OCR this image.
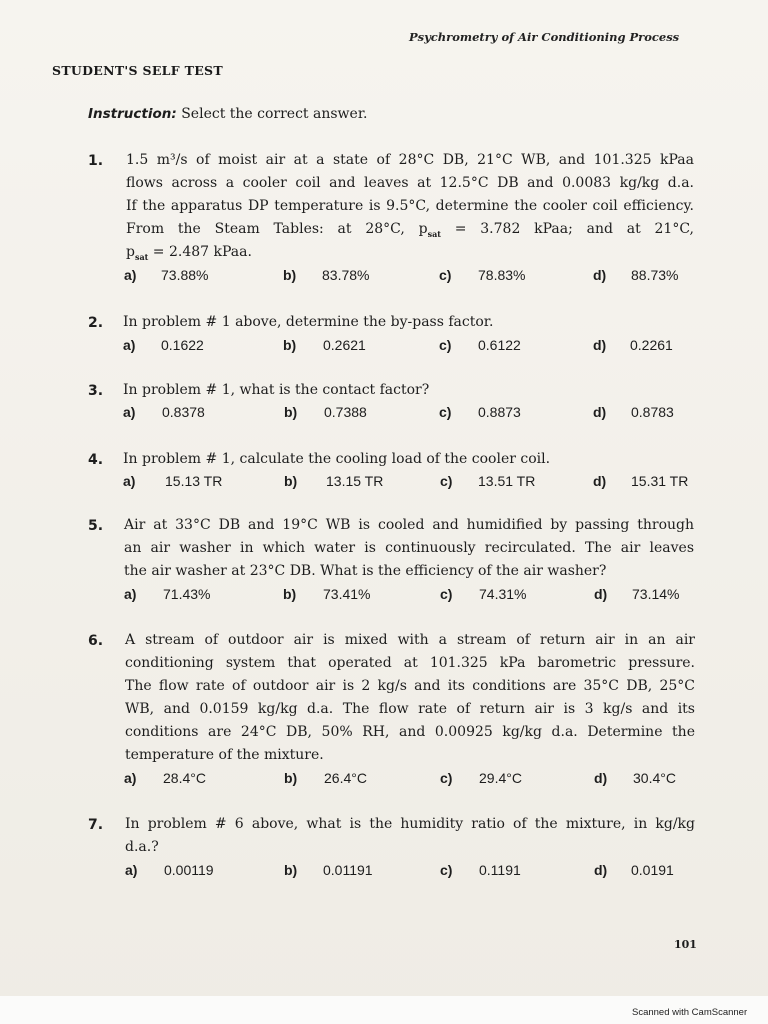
Psychrometry of Air Conditioning Process
STUDENT'S SELF TEST
Instruction: Select the correct answer.
1. 1.5 m³/s of moist air at a state of 28°C DB, 21°C WB, and 101.325 kPaa
flows across a cooler coil and leaves at 12.5°C DB and 0.0083 kg/kg d.a.
If the apparatus DP temperature is 9.5°C, determine the cooler coil efficiency.
From the Steam Tables: at 28°C, $p_{sat} = 3.782$ kPaa; and at 21°C,
$p_{sat} = 2.487$ kPaa.
a) 73.88%	b) 83.78%	c) 78.83%	d) 88.73%
2. In problem # 1 above, determine the by-pass factor.
a) 0.1622	b) 0.2621	c) 0.6122	d) 0.2261
3. In problem # 1, what is the contact factor?
a) 0.8378	b) 0.7388	c) 0.8873	d) 0.8783
4. In problem # 1, calculate the cooling load of the cooler coil.
a) 15.13 TR	b) 13.15 TR	c) 13.51 TR	d) 15.31 TR
5. Air at 33°C DB and 19°C WB is cooled and humidified by passing through
an air washer in which water is continuously recirculated. The air leaves
the air washer at 23°C DB. What is the efficiency of the air washer?
a) 71.43%	b) 73.41%	c) 74.31%	d) 73.14%
6. A stream of outdoor air is mixed with a stream of return air in an air
conditioning system that operated at 101.325 kPa barometric pressure.
The flow rate of outdoor air is 2 kg/s and its conditions are 35°C DB, 25°C
WB, and 0.0159 kg/kg d.a. The flow rate of return air is 3 kg/s and its
conditions are 24°C DB, 50% RH, and 0.00925 kg/kg d.a. Determine the
temperature of the mixture.
a) 28.4°C	b) 26.4°C	c) 29.4°C	d) 30.4°C
7. In problem # 6 above, what is the humidity ratio of the mixture, in kg/kg
d.a.?
a) 0.00119	b) 0.01191	c) 0.1191	d) 0.0191
101
Scanned with CamScanner
